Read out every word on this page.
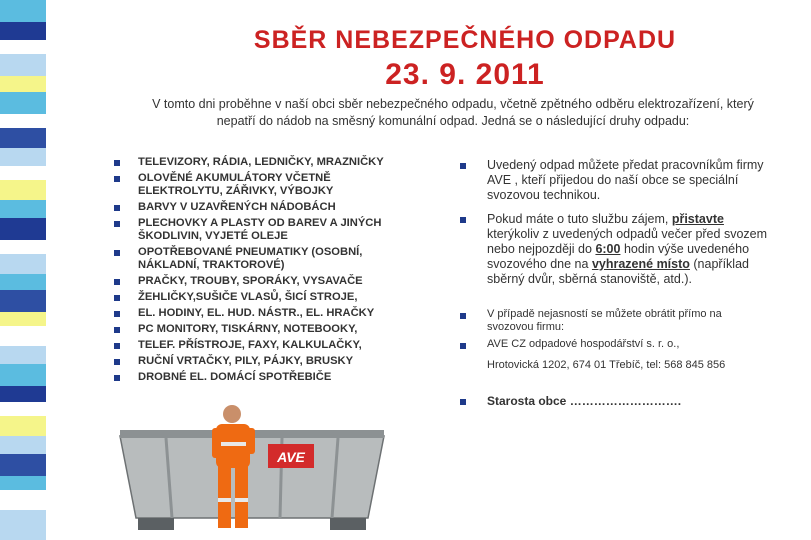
SBĚR NEBEZPEČNÉHO ODPADU
23. 9. 2011
V tomto dni proběhne v naší obci sběr nebezpečného odpadu, včetně zpětného odběru elektrozařízení, který
nepatří do nádob na směsný komunální odpad. Jedná se o následující druhy odpadu:
TELEVIZORY, RÁDIA, LEDNIČKY, MRAZNIČKY
OLOVĚNÉ AKUMULÁTORY VČETNĚ ELEKTROLYTU, ZÁŘIVKY, VÝBOJKY
BARVY V UZAVŘENÝCH NÁDOBÁCH
PLECHOVKY A PLASTY OD BAREV A JINÝCH ŠKODLIVIN, VYJETÉ OLEJE
OPOTŘEBOVANÉ PNEUMATIKY (OSOBNÍ, NÁKLADNÍ, TRAKTOROVÉ)
PRAČKY, TROUBY, SPORÁKY, VYSAVAČE
ŽEHLIČKY,SUŠIČE VLASŮ, ŠICÍ STROJE,
EL. HODINY, EL. HUD. NÁSTR., EL. HRAČKY
PC MONITORY, TISKÁRNY, NOTEBOOKY,
TELEF. PŘÍSTROJE, FAXY, KALKULAČKY,
RUČNÍ VRTAČKY, PILY, PÁJKY, BRUSKY
DROBNÉ EL. DOMÁCÍ SPOTŘEBIČE
Uvedený odpad můžete předat pracovníkům firmy AVE , kteří přijedou do naší obce se speciální svozovou technikou.
Pokud máte o tuto službu zájem, přistavte kterýkoliv z uvedených odpadů večer před svozem nebo nejpozději do 6:00 hodin výše uvedeného svozového dne na vyhrazené místo (například sběrný dvůr, sběrná stanoviště, atd.).
V případě nejasností se můžete obrátit přímo na svozovou firmu:
AVE CZ odpadové hospodářství s. r. o.,
Hrotovická 1202, 674 01 Třebíč, tel: 568 845 856
Starosta obce ……………………….
AVE
